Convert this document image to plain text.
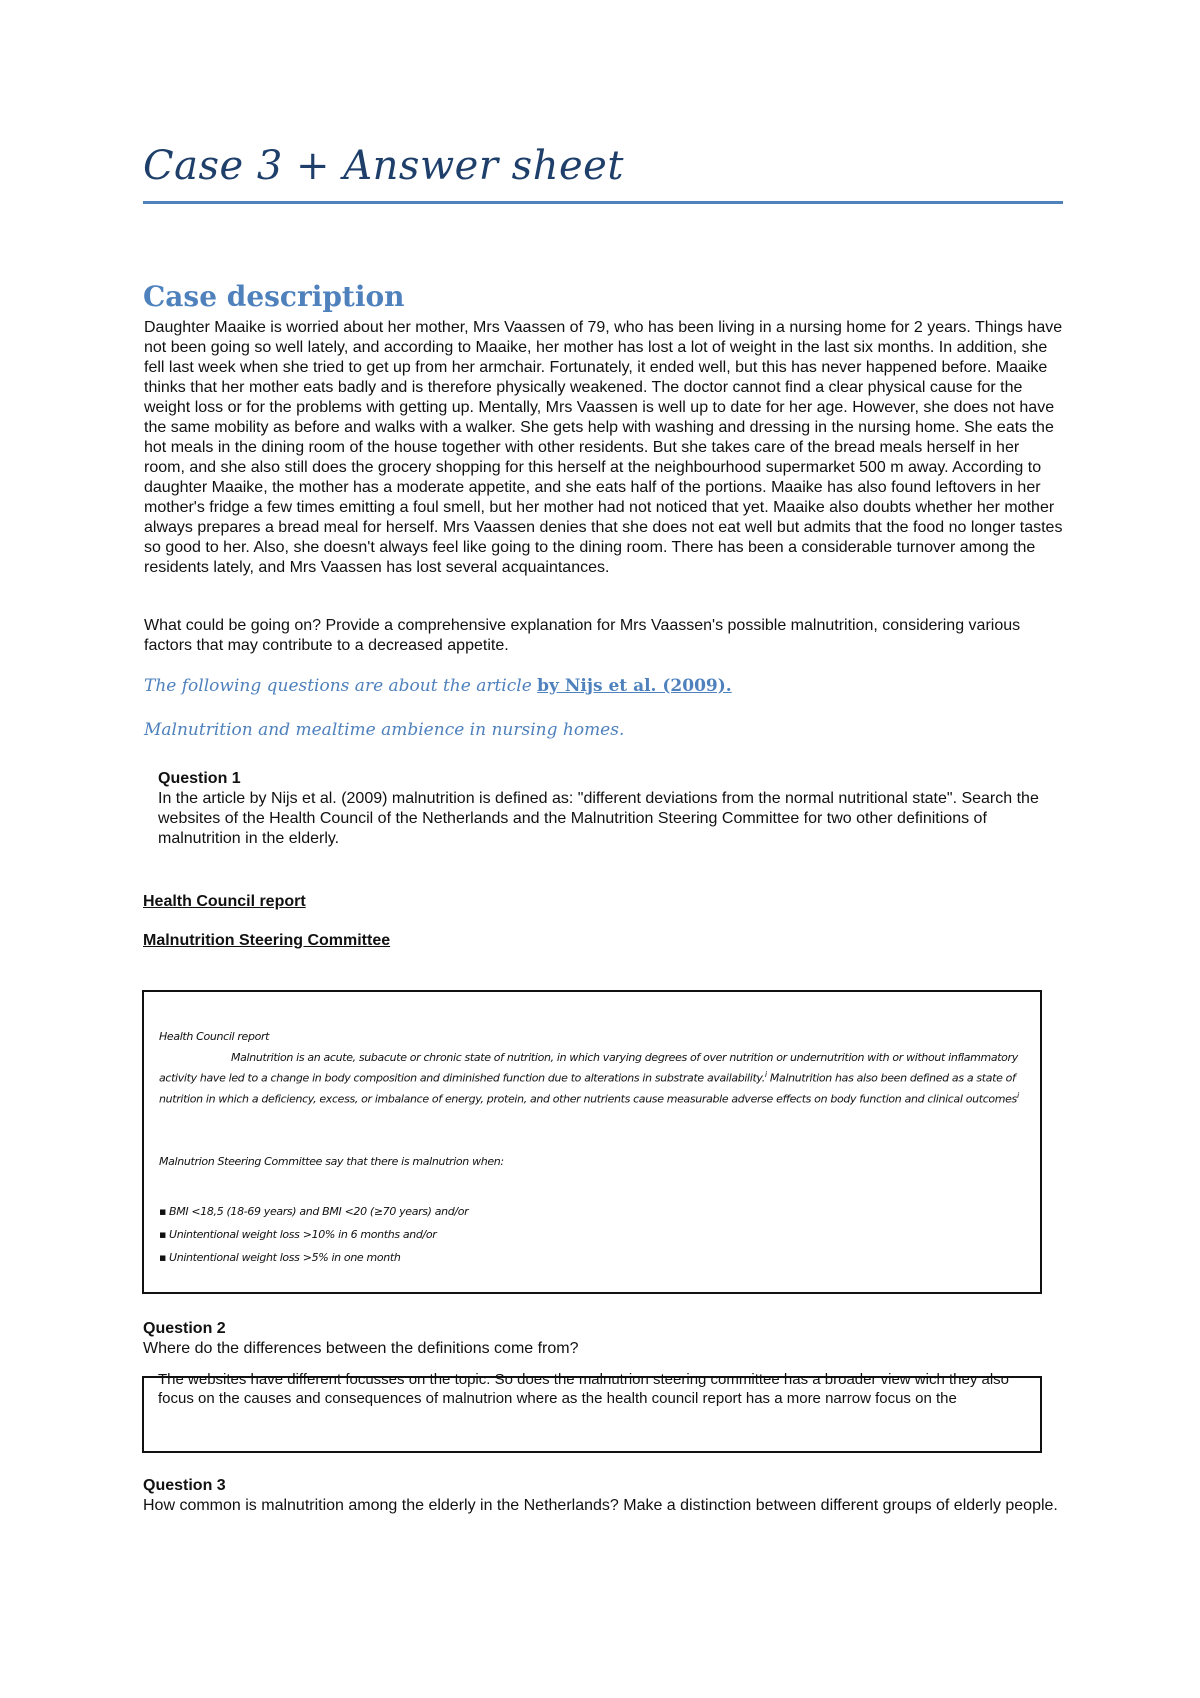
Case 3 + Answer sheet
Case description

Daughter Maaike is worried about her mother, Mrs Vaassen of 79, who has been living in a nursing home for 2 years. Things have not been going so well lately, and according to Maaike, her mother has lost a lot of weight in the last six months. In addition, she fell last week when she tried to get up from her armchair. Fortunately, it ended well, but this has never happened before. Maaike thinks that her mother eats badly and is therefore physically weakened. The doctor cannot find a clear physical cause for the weight loss or for the problems with getting up. Mentally, Mrs Vaassen is well up to date for her age. However, she does not have the same mobility as before and walks with a walker. She gets help with washing and dressing in the nursing home. She eats the hot meals in the dining room of the house together with other residents. But she takes care of the bread meals herself in her room, and she also still does the grocery shopping for this herself at the neighbourhood supermarket 500 m away. According to daughter Maaike, the mother has a moderate appetite, and she eats half of the portions. Maaike has also found leftovers in her mother's fridge a few times emitting a foul smell, but her mother had not noticed that yet. Maaike also doubts whether her mother always prepares a bread meal for herself. Mrs Vaassen denies that she does not eat well but admits that the food no longer tastes so good to her. Also, she doesn't always feel like going to the dining room. There has been a considerable turnover among the residents lately, and Mrs Vaassen has lost several acquaintances.

What could be going on? Provide a comprehensive explanation for Mrs Vaassen's possible malnutrition, considering various factors that may contribute to a decreased appetite.

The following questions are about the article by Nijs et al. (2009).

Malnutrition and mealtime ambience in nursing homes.

Question 1

In the article by Nijs et al. (2009) malnutrition is defined as: "different deviations from the normal nutritional state". Search the websites of the Health Council of the Netherlands and the Malnutrition Steering Committee for two other definitions of malnutrition in the elderly.

Health Council report

Malnutrition Steering Committee

Health Council report

Malnutrition is an acute, subacute or chronic state of nutrition, in which varying degrees of over nutrition or undernutrition with or without inflammatory activity have led to a change in body composition and diminished function due to alterations in substrate availability.$^i$ Malnutrition has also been defined as a state of nutrition in which a deficiency, excess, or imbalance of energy, protein, and other nutrients cause measurable adverse effects on body function and clinical outcomes$^i$

Malnutrion Steering Committee say that there is malnutrion when:

▪ BMI <18,5 (18-69 years) and BMI <20 (≥70 years) and/or
▪ Unintentional weight loss >10% in 6 months and/or
▪ Unintentional weight loss >5% in one month

Question 2

Where do the differences between the definitions come from?

The websites have different focusses on the topic. So does the malnutrion steering committee has a broader view wich they also focus on the causes and consequences of malnutrion where as the health council report has a more narrow focus on the

Question 3

How common is malnutrition among the elderly in the Netherlands? Make a distinction between different groups of elderly people.
